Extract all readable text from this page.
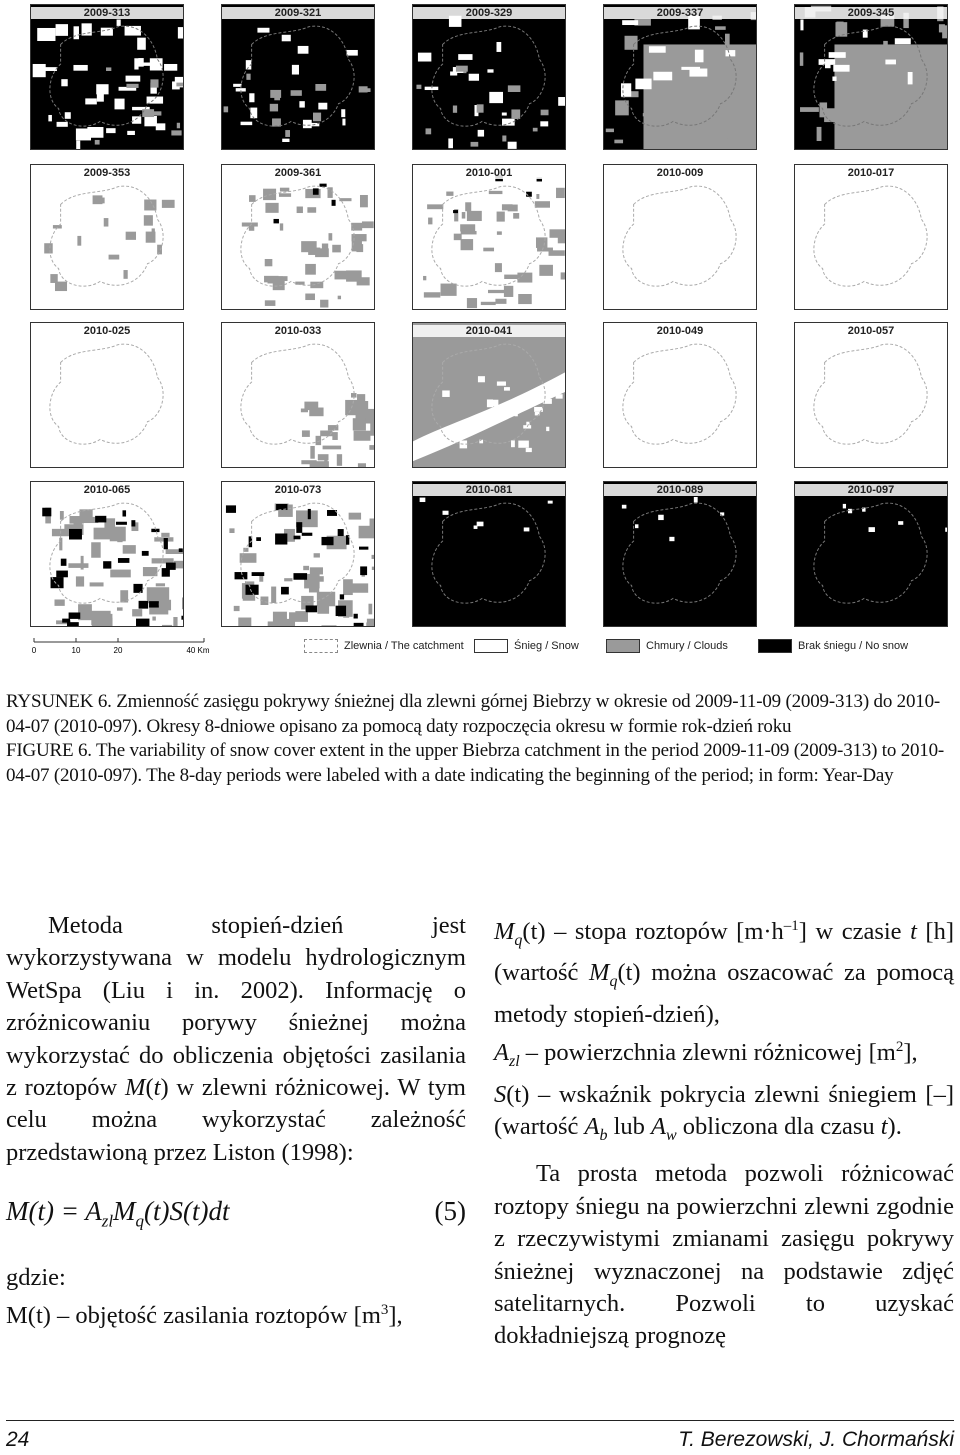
2009-313	2009-321	2009-329	2009-337	2009-345
2009-353	2009-361	2010-001	2010-009	2010-017
2010-025	2010-033	2010-041	2010-049	2010-057
2010-065	2010-073	2010-081	2010-089	2010-097
0	10	20	40 Km	Zlewnia / The catchment	Śnieg / Snow	Chmury / Clouds	Brak śniegu / No snow

RYSUNEK 6. Zmienność zasięgu pokrywy śnieżnej dla zlewni górnej Biebrzy w okresie od 2009-11-09 (2009-313) do 2010-04-07 (2010-097). Okresy 8-dniowe opisano za pomocą daty rozpoczęcia okresu w formie rok-dzień roku

FIGURE 6. The variability of snow cover extent in the upper Biebrza catchment in the period 2009-11-09 (2009-313) to 2010-04-07 (2010-097). The 8-day periods were labeled with a date indicating the beginning of the period; in form: Year-Day

Metoda stopień-dzień jest wykorzystywana w modelu hydrologicznym WetSpa (Liu i in. 2002). Informację o zróżnicowaniu porywy śnieżnej można wykorzystać do obliczenia objętości zasilania z roztopów M(t) w zlewni różnicowej. W tym celu można wykorzystać zależność przedstawioną przez Liston (1998):

$M(t) = A_{zl}M_q(t)S(t)dt$	(5)

gdzie:

M(t) – objętość zasilania roztopów $[m^3]$,

$M_q(t)$ – stopa roztopów $[m\cdot h^{-1}]$ w czasie t [h] (wartość $M_q(t)$ można oszacować za pomocą metody stopień-dzień),

$A_{zl}$ – powierzchnia zlewni różnicowej $[m^2]$,

S(t) – wskaźnik pokrycia zlewni śniegiem [–] (wartość $A_b$ lub $A_w$ obliczona dla czasu t).

Ta prosta metoda pozwoli różnicować roztopy śniegu na powierzchni zlewni zgodnie z rzeczywistymi zmianami zasięgu pokrywy śnieżnej wyznaczonej na podstawie zdjęć satelitarnych. Pozwoli to uzyskać dokładniejszą prognozę

24	T. Berezowski, J. Chormański
